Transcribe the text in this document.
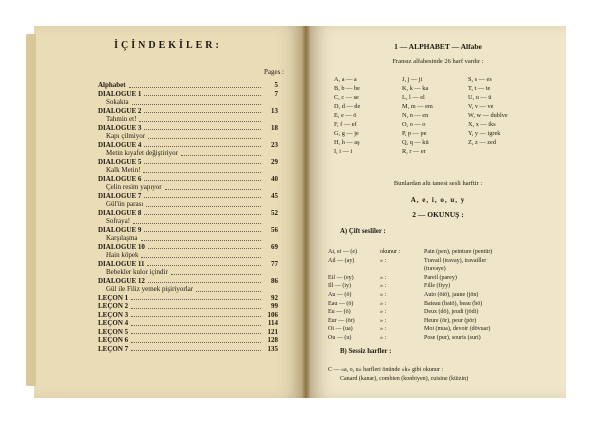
İÇİNDEKİLER:
Pages :
Alphabet	5
DIALOGUE 1	7
Sokakta
DIALOGUE 2	13
Tahmin et!
DIALOGUE 3	18
Kapı çilmiyor
DIALOGUE 4	23
Metin kıyafet değiştiriyor
DIALOGUE 5	29
Kalk Metin!
DIALOGUE 6	40
Çelin resim yapıyor
DIALOGUE 7	45
Gül'ün parası
DIALOGUE 8	52
Sofraya!
DIALOGUE 9	56
Karşılaşma
DIALOGUE 10	69
Hain köpek
DIALOGUE 11	77
Bebekler kulor içindir
DIALOGUE 12	86
Gül ile Filiz yemek pişiriyorlar
LEÇON 1	92
LEÇON 2	99
LEÇON 3	106
LEÇON 4	114
LEÇON 5	121
LEÇON 6	128
LEÇON 7	135
1 — ALPHABET — Alfabe
Fransız alfabesinde 26 harf vardır :
A, a — a	J, j — ji	S, s — es
B, b — be	K, k — ka	T, t — te
C, c — se	L, l — el	U, u — ü
D, d — de	M, m — em	V, v — ve
E, e — ö	N, n — en	W, w — dublve
F, f — ef	O, o — o	X, x — iks
G, g — je	P, p — pe	Y, y — igrek
H, h — aş	Q, q — kü	Z, z — zed
I, i — i	R, r — er
Bunlardan altı tanesi sesli harftir :
A, e, i, o, u, y
2 — OKUNUŞ :
A) Çift sesliler :
Ai, ei — (e)	okunur :	Pain (pen), peinture (pentür)
Ail — (ay)	» :	Travail (travay), travailler
(travaye)
Eil — (ey)	» :	Pareil (parey)
Ill — (iy)	» :	Fille (fiyy)
Au — (ö)	» :	Auto (ötö), jaune (jön)
Eau — (ö)	» :	Bateau (batö), beau (bö)
Eu — (ö)	» :	Deux (dö), jeudi (jödi)
Eur — (ör)	» :	Heure (ör), peur (pör)
Oi — (ua)	» :	Moi (mua), devoir (dövuar)
Ou — (u)	» :	Pose (pur), souris (suri)
B) Sessiz harfler :
C — «a, o, u» harfleri önünde «k» gibi okunur :
Canard (kanar), combien (konbiyen), cuisine (küizin)
